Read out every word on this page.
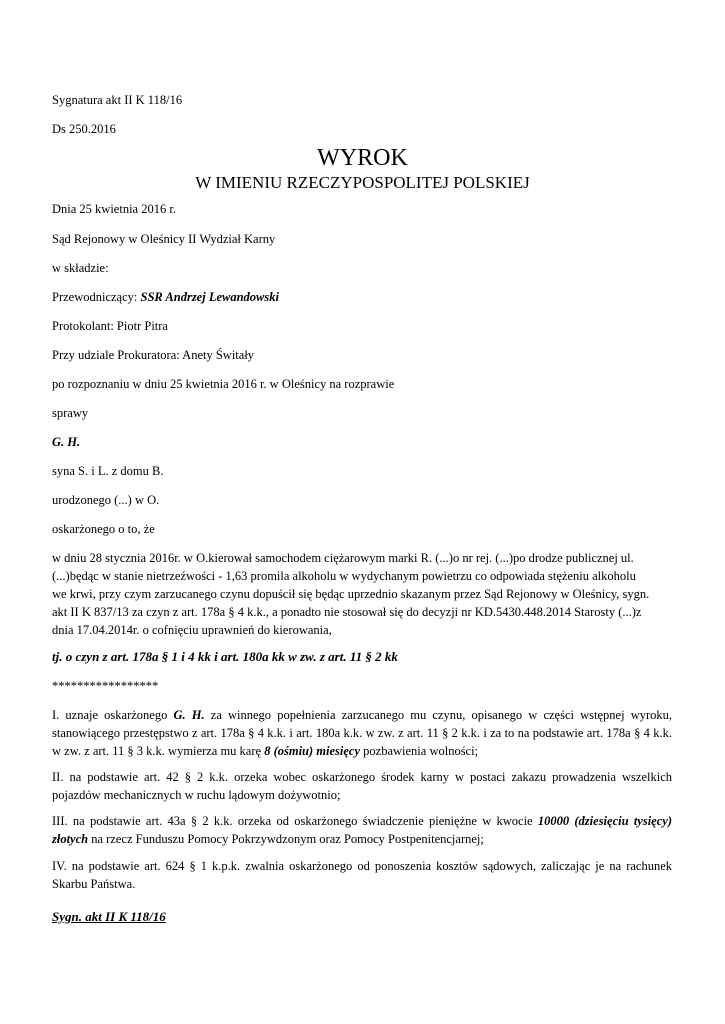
Sygnatura akt II K 118/16

Ds 250.2016

WYROK
W IMIENIU RZECZYPOSPOLITEJ POLSKIEJ

Dnia 25 kwietnia 2016 r.

Sąd Rejonowy w Oleśnicy II Wydział Karny

w składzie:

Przewodniczący: SSR Andrzej Lewandowski

Protokolant: Piotr Pitra

Przy udziale Prokuratora: Anety Świtały

po rozpoznaniu w dniu 25 kwietnia 2016 r. w Oleśnicy na rozprawie

sprawy

G. H.

syna S. i L. z domu B.

urodzonego (...) w O.

oskarżonego o to, że

w dniu 28 stycznia 2016r. w O.kierował samochodem ciężarowym marki R. (...)o nr rej. (...)po drodze publicznej ul.

(...)będąc w stanie nietrzeźwości - 1,63 promila alkoholu w wydychanym powietrzu co odpowiada stężeniu alkoholu

we krwi, przy czym zarzucanego czynu dopuścił się będąc uprzednio skazanym przez Sąd Rejonowy w Oleśnicy, sygn.

akt II K 837/13 za czyn z art. 178a § 4 k.k., a ponadto nie stosował się do decyzji nr KD.5430.448.2014 Starosty (...)z

dnia 17.04.2014r. o cofnięciu uprawnień do kierowania,

tj. o czyn z art. 178a § 1 i 4 kk i art. 180a kk w zw. z art. 11 § 2 kk

*****************

I. uznaje oskarżonego G. H. za winnego popełnienia zarzucanego mu czynu, opisanego w części wstępnej wyroku, stanowiącego przestępstwo z art. 178a § 4 k.k. i art. 180a k.k. w zw. z art. 11 § 2 k.k. i za to na podstawie art. 178a § 4 k.k. w zw. z art. 11 § 3 k.k. wymierza mu karę 8 (ośmiu) miesięcy pozbawienia wolności;

II. na podstawie art. 42 § 2 k.k. orzeka wobec oskarżonego środek karny w postaci zakazu prowadzenia wszelkich pojazdów mechanicznych w ruchu lądowym dożywotnio;

III. na podstawie art. 43a § 2 k.k. orzeka od oskarżonego świadczenie pieniężne w kwocie 10000 (dziesięciu tysięcy) złotych na rzecz Funduszu Pomocy Pokrzywdzonym oraz Pomocy Postpenitencjarnej;

IV. na podstawie art. 624 § 1 k.p.k. zwalnia oskarżonego od ponoszenia kosztów sądowych, zaliczając je na rachunek Skarbu Państwa.

Sygn. akt II K 118/16
